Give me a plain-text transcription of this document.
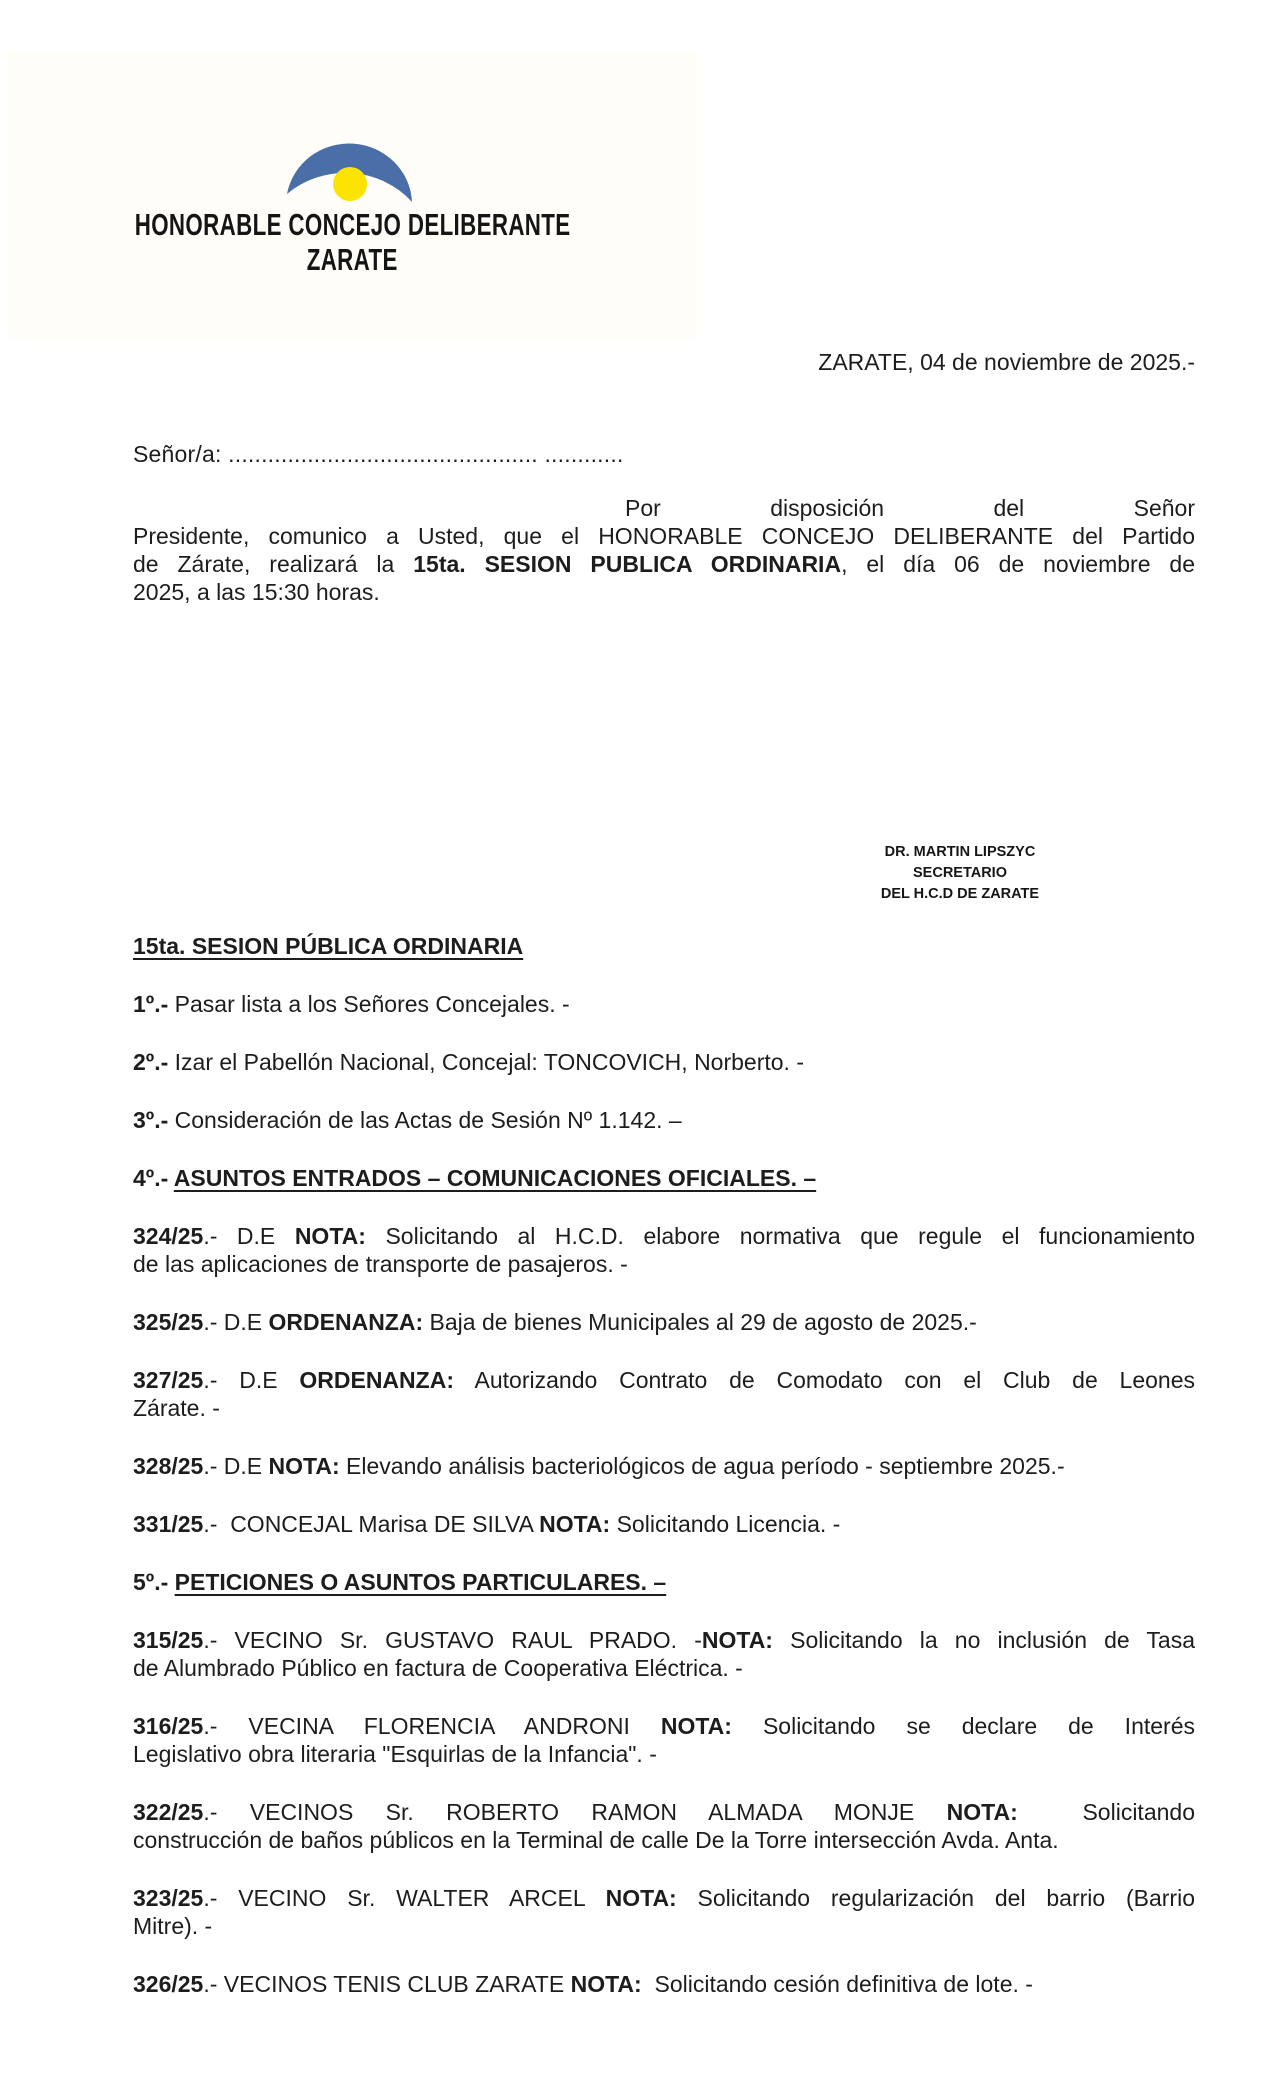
HONORABLE CONCEJO DELIBERANTE
ZARATE
ZARATE, 04 de noviembre de 2025.-
Señor/a: ............................................... ............
Por disposición del Señor
Presidente, comunico a Usted, que el HONORABLE CONCEJO DELIBERANTE del Partido
de Zárate, realizará la 15ta. SESION PUBLICA ORDINARIA, el día 06 de noviembre de
2025, a las 15:30 horas.
DR. MARTIN LIPSZYC
SECRETARIO
DEL H.C.D DE ZARATE
15ta. SESION PÚBLICA ORDINARIA
1º.- Pasar lista a los Señores Concejales. -
2º.- Izar el Pabellón Nacional, Concejal: TONCOVICH, Norberto. -
3º.- Consideración de las Actas de Sesión Nº 1.142. –
4º.- ASUNTOS ENTRADOS – COMUNICACIONES OFICIALES. –
324/25.- D.E NOTA: Solicitando al H.C.D. elabore normativa que regule el funcionamiento
de las aplicaciones de transporte de pasajeros. -
325/25.- D.E ORDENANZA: Baja de bienes Municipales al 29 de agosto de 2025.-
327/25.- D.E ORDENANZA: Autorizando Contrato de Comodato con el Club de Leones
Zárate. -
328/25.- D.E NOTA: Elevando análisis bacteriológicos de agua período - septiembre 2025.-
331/25.-  CONCEJAL Marisa DE SILVA NOTA: Solicitando Licencia. -
5º.- PETICIONES O ASUNTOS PARTICULARES. –
315/25.- VECINO Sr. GUSTAVO RAUL PRADO. -NOTA: Solicitando la no inclusión de Tasa
de Alumbrado Público en factura de Cooperativa Eléctrica. -
316/25.- VECINA FLORENCIA ANDRONI NOTA: Solicitando se declare de Interés
Legislativo obra literaria "Esquirlas de la Infancia". -
322/25.- VECINOS Sr. ROBERTO RAMON ALMADA MONJE NOTA:  Solicitando
construcción de baños públicos en la Terminal de calle De la Torre intersección Avda. Anta.
323/25.- VECINO Sr. WALTER ARCEL NOTA: Solicitando regularización del barrio (Barrio
Mitre). -
326/25.- VECINOS TENIS CLUB ZARATE NOTA:  Solicitando cesión definitiva de lote. -
